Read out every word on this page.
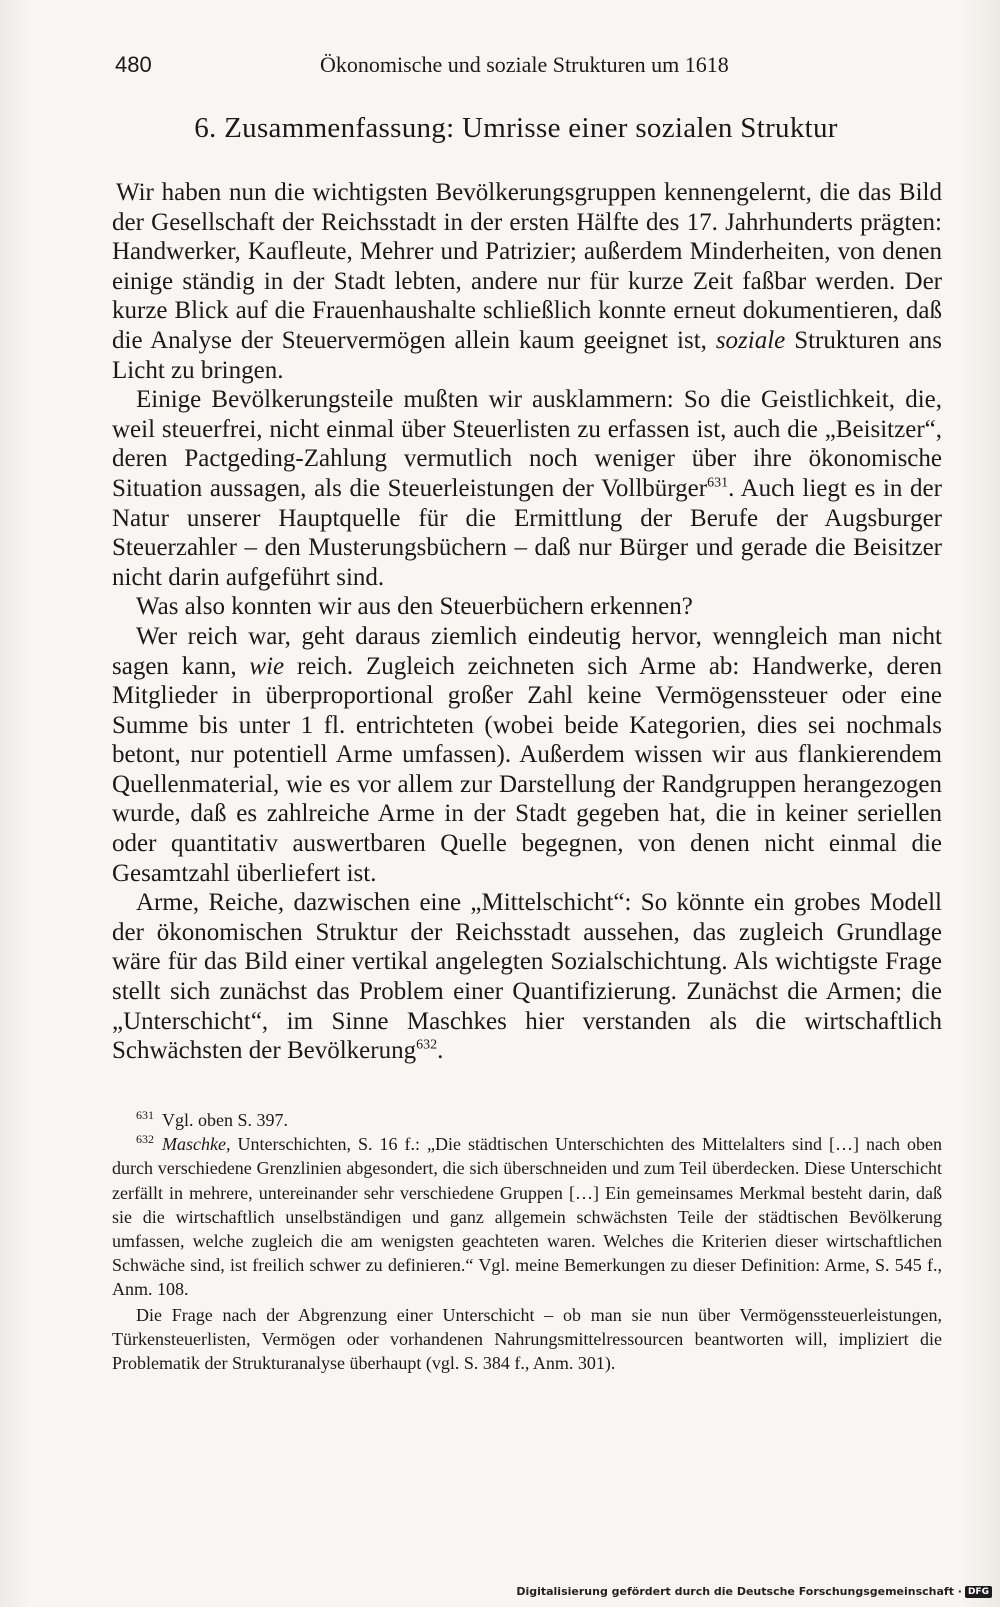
480	Ökonomische und soziale Strukturen um 1618
6. Zusammenfassung: Umrisse einer sozialen Struktur

Wir haben nun die wichtigsten Bevölkerungsgruppen kennengelernt, die das Bild der Gesellschaft der Reichsstadt in der ersten Hälfte des 17. Jahrhunderts prägten: Handwerker, Kaufleute, Mehrer und Patrizier; außerdem Minderheiten, von denen einige ständig in der Stadt lebten, andere nur für kurze Zeit faßbar werden. Der kurze Blick auf die Frauenhaushalte schließlich konnte erneut dokumentieren, daß die Analyse der Steuervermögen allein kaum geeignet ist, soziale Strukturen ans Licht zu bringen.

Einige Bevölkerungsteile mußten wir ausklammern: So die Geistlichkeit, die, weil steuerfrei, nicht einmal über Steuerlisten zu erfassen ist, auch die „Beisitzer“, deren Pactgeding-Zahlung vermutlich noch weniger über ihre ökonomische Situation aussagen, als die Steuerleistungen der Vollbürger$^{631}$. Auch liegt es in der Natur unserer Hauptquelle für die Ermittlung der Berufe der Augsburger Steuerzahler – den Musterungsbüchern – daß nur Bürger und gerade die Beisitzer nicht darin aufgeführt sind.

Was also konnten wir aus den Steuerbüchern erkennen?

Wer reich war, geht daraus ziemlich eindeutig hervor, wenngleich man nicht sagen kann, wie reich. Zugleich zeichneten sich Arme ab: Handwerke, deren Mitglieder in überproportional großer Zahl keine Vermögenssteuer oder eine Summe bis unter 1 fl. entrichteten (wobei beide Kategorien, dies sei nochmals betont, nur potentiell Arme umfassen). Außerdem wissen wir aus flankierendem Quellenmaterial, wie es vor allem zur Darstellung der Randgruppen herangezogen wurde, daß es zahlreiche Arme in der Stadt gegeben hat, die in keiner seriellen oder quantitativ auswertbaren Quelle begegnen, von denen nicht einmal die Gesamtzahl überliefert ist.

Arme, Reiche, dazwischen eine „Mittelschicht“: So könnte ein grobes Modell der ökonomischen Struktur der Reichsstadt aussehen, das zugleich Grundlage wäre für das Bild einer vertikal angelegten Sozialschichtung. Als wichtigste Frage stellt sich zunächst das Problem einer Quantifizierung. Zunächst die Armen; die „Unterschicht“, im Sinne Maschkes hier verstanden als die wirtschaftlich Schwächsten der Bevölkerung$^{632}$.

$^{631}$ Vgl. oben S. 397.

$^{632}$ Maschke, Unterschichten, S. 16 f.: „Die städtischen Unterschichten des Mittelalters sind […] nach oben durch verschiedene Grenzlinien abgesondert, die sich überschneiden und zum Teil überdecken. Diese Unterschicht zerfällt in mehrere, untereinander sehr verschiedene Gruppen […] Ein gemeinsames Merkmal besteht darin, daß sie die wirtschaftlich unselbständigen und ganz allgemein schwächsten Teile der städtischen Bevölkerung umfassen, welche zugleich die am wenigsten geachteten waren. Welches die Kriterien dieser wirtschaftlichen Schwäche sind, ist freilich schwer zu definieren.“ Vgl. meine Bemerkungen zu dieser Definition: Arme, S. 545 f., Anm. 108.

Die Frage nach der Abgrenzung einer Unterschicht – ob man sie nun über Vermögenssteuerleistungen, Türkensteuerlisten, Vermögen oder vorhandenen Nahrungsmittelressourcen beantworten will, impliziert die Problematik der Strukturanalyse überhaupt (vgl. S. 384 f., Anm. 301).

Digitalisierung gefördert durch die Deutsche Forschungsgemeinschaft · DFG
